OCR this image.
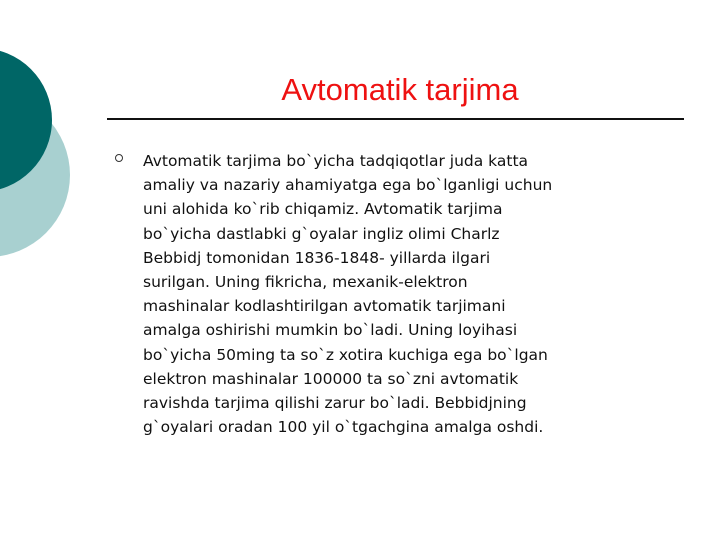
Avtomatik tarjima

Avtomatik tarjima bo`yicha tadqiqotlar juda katta
amaliy va nazariy ahamiyatga ega bo`lganligi uchun
uni alohida ko`rib chiqamiz. Avtomatik tarjima
bo`yicha dastlabki g`oyalar ingliz olimi Charlz
Bebbidj tomonidan 1836-1848- yillarda ilgari
surilgan. Uning fikricha, mexanik-elektron
mashinalar kodlashtirilgan avtomatik tarjimani
amalga oshirishi mumkin bo`ladi. Uning loyihasi
bo`yicha 50ming ta so`z xotira kuchiga ega bo`lgan
elektron mashinalar 100000 ta so`zni avtomatik
ravishda tarjima qilishi zarur bo`ladi. Bebbidjning
g`oyalari oradan 100 yil o`tgachgina amalga oshdi.
